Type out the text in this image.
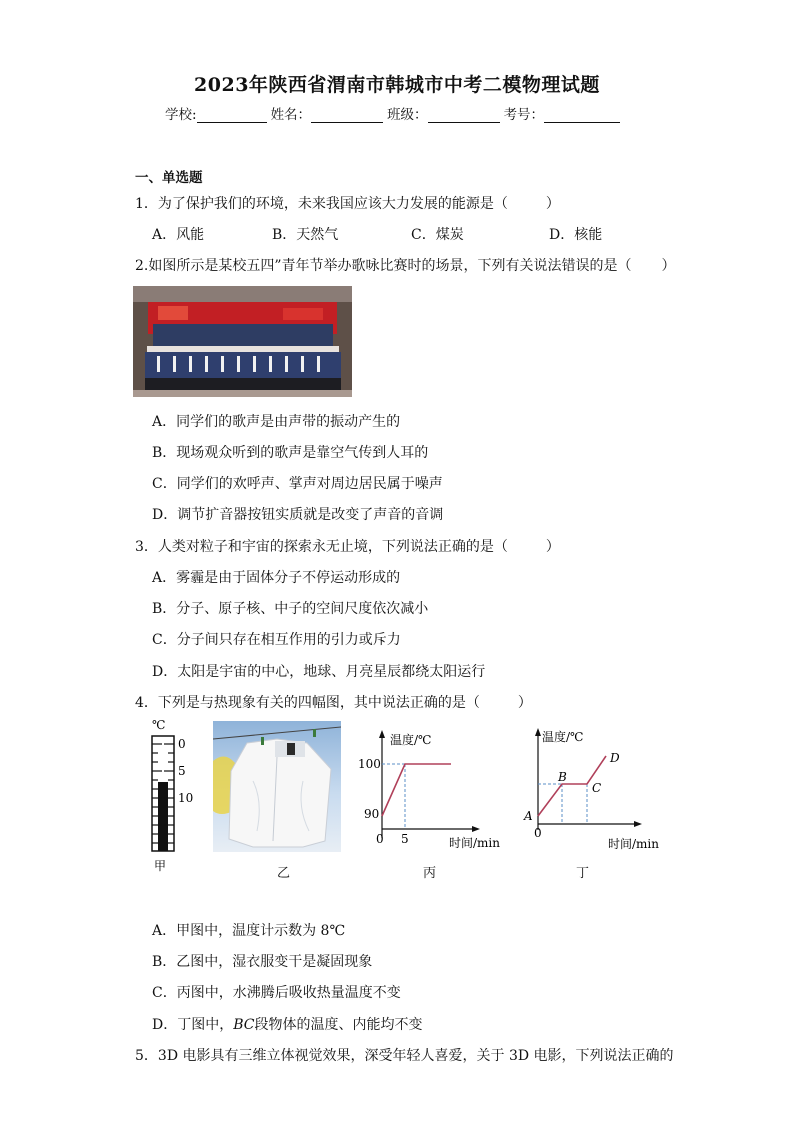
2023年陕西省渭南市韩城市中考二模物理试题
学校:	姓名：	班级：	考号：
一、单选题
1．为了保护我们的环境，未来我国应该大力发展的能源是（	）
A．风能	B．天然气	C．煤炭	D．核能
2.如图所示是某校五四”青年节举办歌咏比赛时的场景，下列有关说法错误的是（ ）
A．同学们的歌声是由声带的振动产生的
B．现场观众听到的歌声是靠空气传到人耳的
C．同学们的欢呼声、掌声对周边居民属于噪声
D．调节扩音器按钮实质就是改变了声音的音调
3．人类对粒子和宇宙的探索永无止境，下列说法正确的是（	）
A．雾霾是由于固体分子不停运动形成的
B．分子、原子核、中子的空间尺度依次减小
C．分子间只存在相互作用的引力或斥力
D．太阳是宇宙的中心，地球、月亮星辰都绕太阳运行
4．下列是与热现象有关的四幅图，其中说法正确的是（	）
℃
0
5
10
甲	乙
温度/℃
100
90
0 5	时间/min
丙
温度/℃
A
B
C
D
0
时间/min
丁
A．甲图中，温度计示数为 8℃
B．乙图中，湿衣服变干是凝固现象
C．丙图中，水沸腾后吸收热量温度不变
D．丁图中，BC段物体的温度、内能均不变
5．3D 电影具有三维立体视觉效果，深受年轻人喜爱，关于 3D 电影，下列说法正确的
